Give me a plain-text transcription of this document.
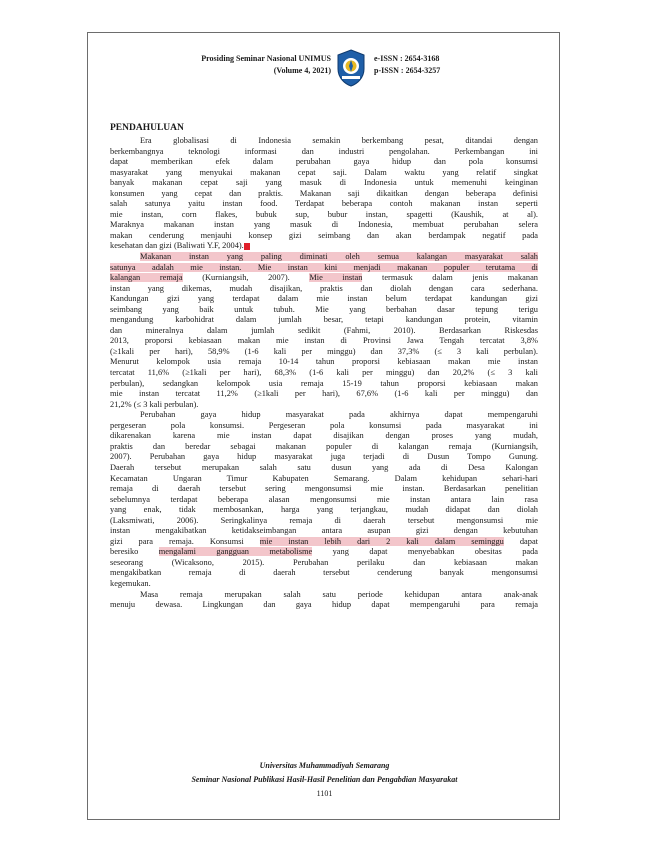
Prosiding Seminar Nasional UNIMUS
(Volume 4, 2021)
e-ISSN : 2654-3168
p-ISSN : 2654-3257
PENDAHULUAN

Era globalisasi di Indonesia semakin berkembang pesat, ditandai dengan
berkembangnya teknologi informasi dan industri pengolahan. Perkembangan ini
dapat memberikan efek dalam perubahan gaya hidup dan pola konsumsi
masyarakat yang menyukai makanan cepat saji. Dalam waktu yang relatif singkat
banyak makanan cepat saji yang masuk di Indonesia untuk memenuhi keinginan
konsumen yang cepat dan praktis. Makanan saji dikaitkan dengan beberapa definisi
salah satunya yaitu instan food. Terdapat beberapa contoh makanan instan seperti
mie instan, corn flakes, bubuk sup, bubur instan, spagetti (Kaushik, at al).
Maraknya makanan instan yang masuk di Indonesia, membuat perubahan selera
makan cenderung menjauhi konsep gizi seimbang dan akan berdampak negatif pada
kesehatan dan gizi (Baliwati Y.F, 2004).

Makanan instan yang paling diminati oleh semua kalangan masyarakat salah
satunya adalah mie instan. Mie instan kini menjadi makanan populer terutama di
kalangan remaja (Kurniangsih, 2007). Mie instan termasuk dalam jenis makanan
instan yang dikemas, mudah disajikan, praktis dan diolah dengan cara sederhana.
Kandungan gizi yang terdapat dalam mie instan belum terdapat kandungan gizi
seimbang yang baik untuk tubuh. Mie yang berbahan dasar tepung terigu
mengandung karbohidrat dalam jumlah besar, tetapi kandungan protein, vitamin
dan mineralnya dalam jumlah sedikit (Fahmi, 2010). Berdasarkan Riskesdas
2013, proporsi kebiasaan makan mie instan di Provinsi Jawa Tengah tercatat 3,8%
(≥1kali per hari), 58,9% (1-6 kali per minggu) dan 37,3% (≤ 3 kali perbulan).
Menurut kelompok usia remaja 10-14 tahun proporsi kebiasaan makan mie instan
tercatat 11,6% (≥1kali per hari), 68,3% (1-6 kali per minggu) dan 20,2% (≤ 3 kali
perbulan), sedangkan kelompok usia remaja 15-19 tahun proporsi kebiasaan makan
mie instan tercatat 11,2% (≥1kali per hari), 67,6% (1-6 kali per minggu) dan
21,2% (≤ 3 kali perbulan).

Perubahan gaya hidup masyarakat pada akhirnya dapat mempengaruhi
pergeseran pola konsumsi. Pergeseran pola konsumsi pada masyarakat ini
dikarenakan karena mie instan dapat disajikan dengan proses yang mudah,
praktis dan beredar sebagai makanan populer di kalangan remaja (Kurniangsih,
2007). Perubahan gaya hidup masyarakat juga terjadi di Dusun Tompo Gunung.
Daerah tersebut merupakan salah satu dusun yang ada di Desa Kalongan
Kecamatan Ungaran Timur Kabupaten Semarang. Dalam kehidupan sehari-hari
remaja di daerah tersebut sering mengonsumsi mie instan. Berdasarkan penelitian
sebelumnya terdapat beberapa alasan mengonsumsi mie instan antara lain rasa
yang enak, tidak membosankan, harga yang terjangkau, mudah didapat dan diolah
(Laksmiwati, 2006). Seringkalinya remaja di daerah tersebut mengonsumsi mie
instan mengakibatkan ketidakseimbangan antara asupan gizi dengan kebutuhan
gizi para remaja. Konsumsi mie instan lebih dari 2 kali dalam seminggu dapat
beresiko mengalami gangguan metabolisme yang dapat menyebabkan obesitas pada
seseorang (Wicaksono, 2015). Perubahan perilaku dan kebiasaan makan
mengakibatkan remaja di daerah tersebut cenderung banyak mengonsumsi
kegemukan.

Masa remaja merupakan salah satu periode kehidupan antara anak-anak
menuju dewasa. Lingkungan dan gaya hidup dapat mempengaruhi para remaja

Universitas Muhammadiyah Semarang
Seminar Nasional Publikasi Hasil-Hasil Penelitian dan Pengabdian Masyarakat
1101
